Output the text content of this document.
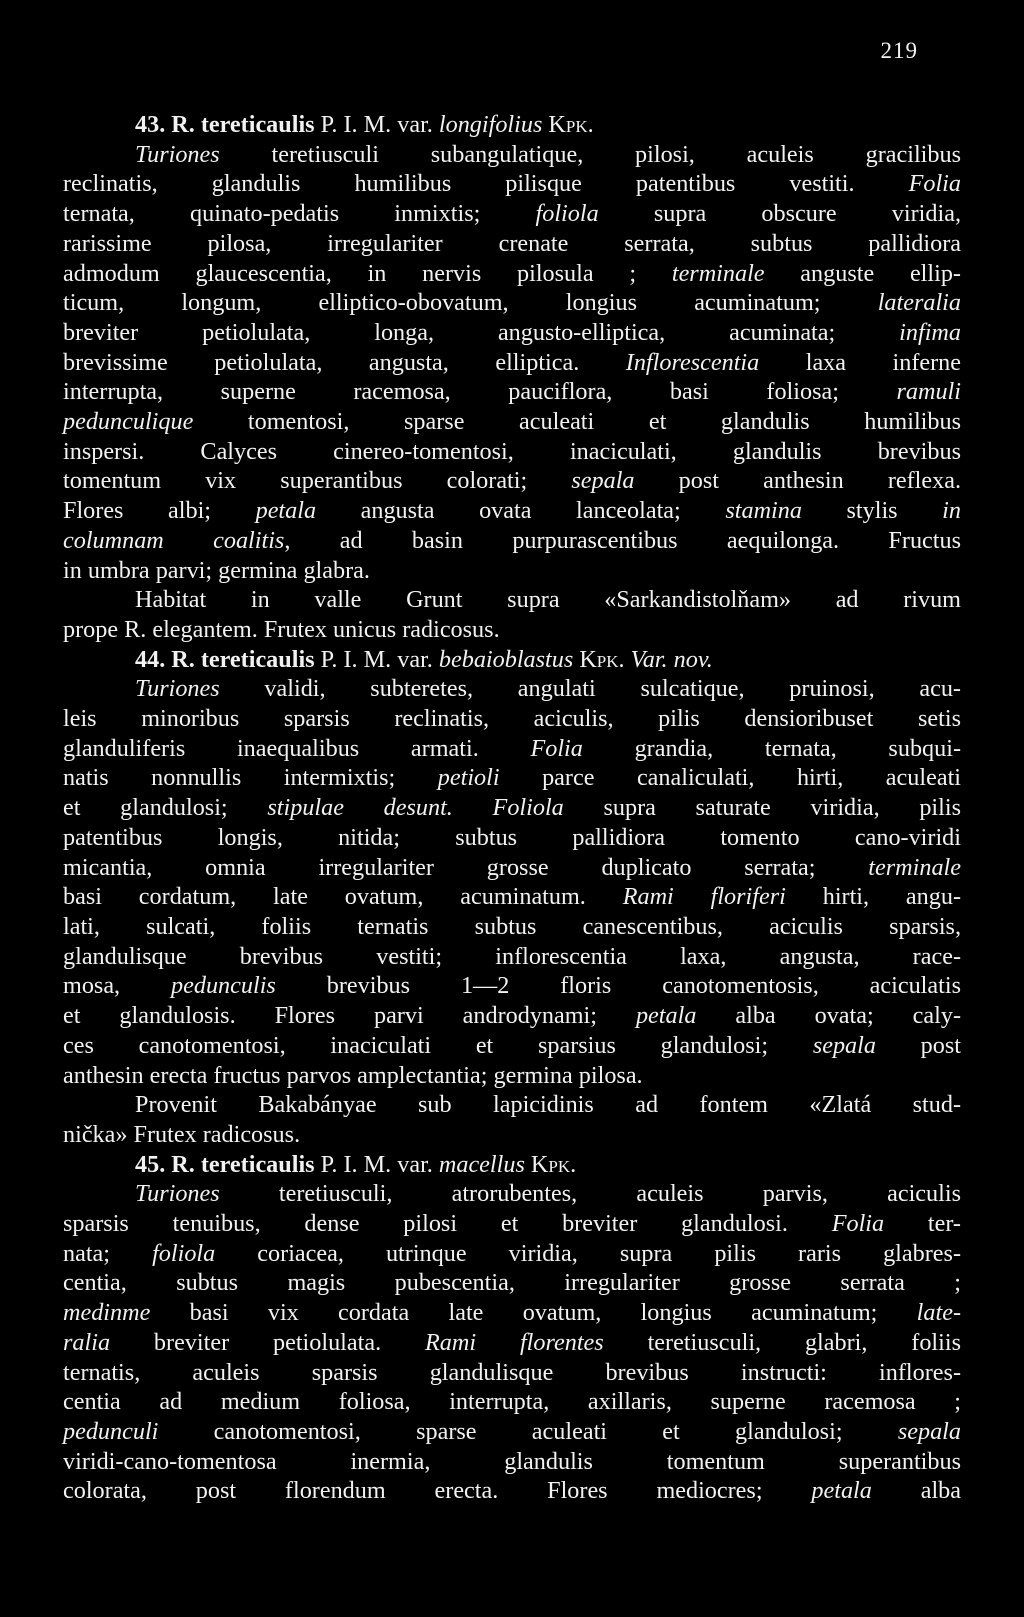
219
43. R. tereticaulis P. I. M. var. longifolius Kpk.
Turiones teretiusculi subangulatique, pilosi, aculeis gracilibus
reclinatis, glandulis humilibus pilisque patentibus vestiti. Folia
ternata, quinato-pedatis inmixtis; foliola supra obscure viridia,
rarissime pilosa, irregulariter crenate serrata, subtus pallidiora
admodum glaucescentia, in nervis pilosula ; terminale anguste ellip-
ticum, longum, elliptico-obovatum, longius acuminatum; lateralia
breviter petiolulata, longa, angusto-elliptica, acuminata; infima
brevissime petiolulata, angusta, elliptica. Inflorescentia laxa inferne
interrupta, superne racemosa, pauciflora, basi foliosa; ramuli
pedunculique tomentosi, sparse aculeati et glandulis humilibus
inspersi. Calyces cinereo-tomentosi, inaciculati, glandulis brevibus
tomentum vix superantibus colorati; sepala post anthesin reflexa.
Flores albi; petala angusta ovata lanceolata; stamina stylis in
columnam coalitis, ad basin purpurascentibus aequilonga. Fructus
in umbra parvi; germina glabra.
Habitat in valle Grunt supra «Sarkandistolňam» ad rivum
prope R. elegantem. Frutex unicus radicosus.
44. R. tereticaulis P. I. M. var. bebaioblastus Kpk. Var. nov.
Turiones validi, subteretes, angulati sulcatique, pruinosi, acu-
leis minoribus sparsis reclinatis, aciculis, pilis densioribuset setis
glanduliferis inaequalibus armati. Folia grandia, ternata, subqui-
natis nonnullis intermixtis; petioli parce canaliculati, hirti, aculeati
et glandulosi; stipulae desunt. Foliola supra saturate viridia, pilis
patentibus longis, nitida; subtus pallidiora tomento cano-viridi
micantia, omnia irregulariter grosse duplicato serrata; terminale
basi cordatum, late ovatum, acuminatum. Rami floriferi hirti, angu-
lati, sulcati, foliis ternatis subtus canescentibus, aciculis sparsis,
glandulisque brevibus vestiti; inflorescentia laxa, angusta, race-
mosa, pedunculis brevibus 1—2 floris canotomentosis, aciculatis
et glandulosis. Flores parvi androdynami; petala alba ovata; caly-
ces canotomentosi, inaciculati et sparsius glandulosi; sepala post
anthesin erecta fructus parvos amplectantia; germina pilosa.
Provenit Bakabányae sub lapicidinis ad fontem «Zlatá stud-
nička» Frutex radicosus.
45. R. tereticaulis P. I. M. var. macellus Kpk.
Turiones teretiusculi, atrorubentes, aculeis parvis, aciculis
sparsis tenuibus, dense pilosi et breviter glandulosi. Folia ter-
nata; foliola coriacea, utrinque viridia, supra pilis raris glabres-
centia, subtus magis pubescentia, irregulariter grosse serrata ;
medinme basi vix cordata late ovatum, longius acuminatum; late-
ralia breviter petiolulata. Rami florentes teretiusculi, glabri, foliis
ternatis, aculeis sparsis glandulisque brevibus instructi: inflores-
centia ad medium foliosa, interrupta, axillaris, superne racemosa ;
pedunculi canotomentosi, sparse aculeati et glandulosi; sepala
viridi-cano-tomentosa inermia, glandulis tomentum superantibus
colorata, post florendum erecta. Flores mediocres; petala alba
